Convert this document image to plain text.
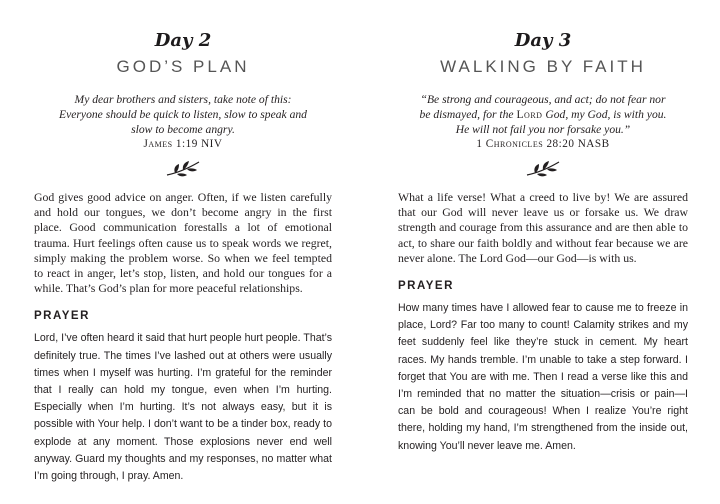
Day 2
GOD’S PLAN
My dear brothers and sisters, take note of this: Everyone should be quick to listen, slow to speak and slow to become angry.
James 1:19 NIV
God gives good advice on anger. Often, if we listen carefully and hold our tongues, we don’t become angry in the first place. Good communication forestalls a lot of emotional trauma. Hurt feelings often cause us to speak words we regret, simply making the problem worse. So when we feel tempted to react in anger, let’s stop, listen, and hold our tongues for a while. That’s God’s plan for more peaceful relationships.
PRAYER
Lord, I’ve often heard it said that hurt people hurt people. That’s definitely true. The times I’ve lashed out at others were usually times when I myself was hurting. I’m grateful for the reminder that I really can hold my tongue, even when I’m hurting. Especially when I’m hurting. It’s not always easy, but it is possible with Your help. I don’t want to be a tinder box, ready to explode at any moment. Those explosions never end well anyway. Guard my thoughts and my responses, no matter what I’m going through, I pray. Amen.
Day 3
WALKING BY FAITH
“Be strong and courageous, and act; do not fear nor be dismayed, for the Lord God, my God, is with you. He will not fail you nor forsake you.”
1 Chronicles 28:20 NASB
What a life verse! What a creed to live by! We are assured that our God will never leave us or forsake us. We draw strength and courage from this assurance and are then able to act, to share our faith boldly and without fear because we are never alone. The Lord God—our God—is with us.
PRAYER
How many times have I allowed fear to cause me to freeze in place, Lord? Far too many to count! Calamity strikes and my feet suddenly feel like they’re stuck in cement. My heart races. My hands tremble. I’m unable to take a step forward. I forget that You are with me. Then I read a verse like this and I’m reminded that no matter the situation—crisis or pain—I can be bold and courageous! When I realize You’re right there, holding my hand, I’m strengthened from the inside out, knowing You’ll never leave me. Amen.
